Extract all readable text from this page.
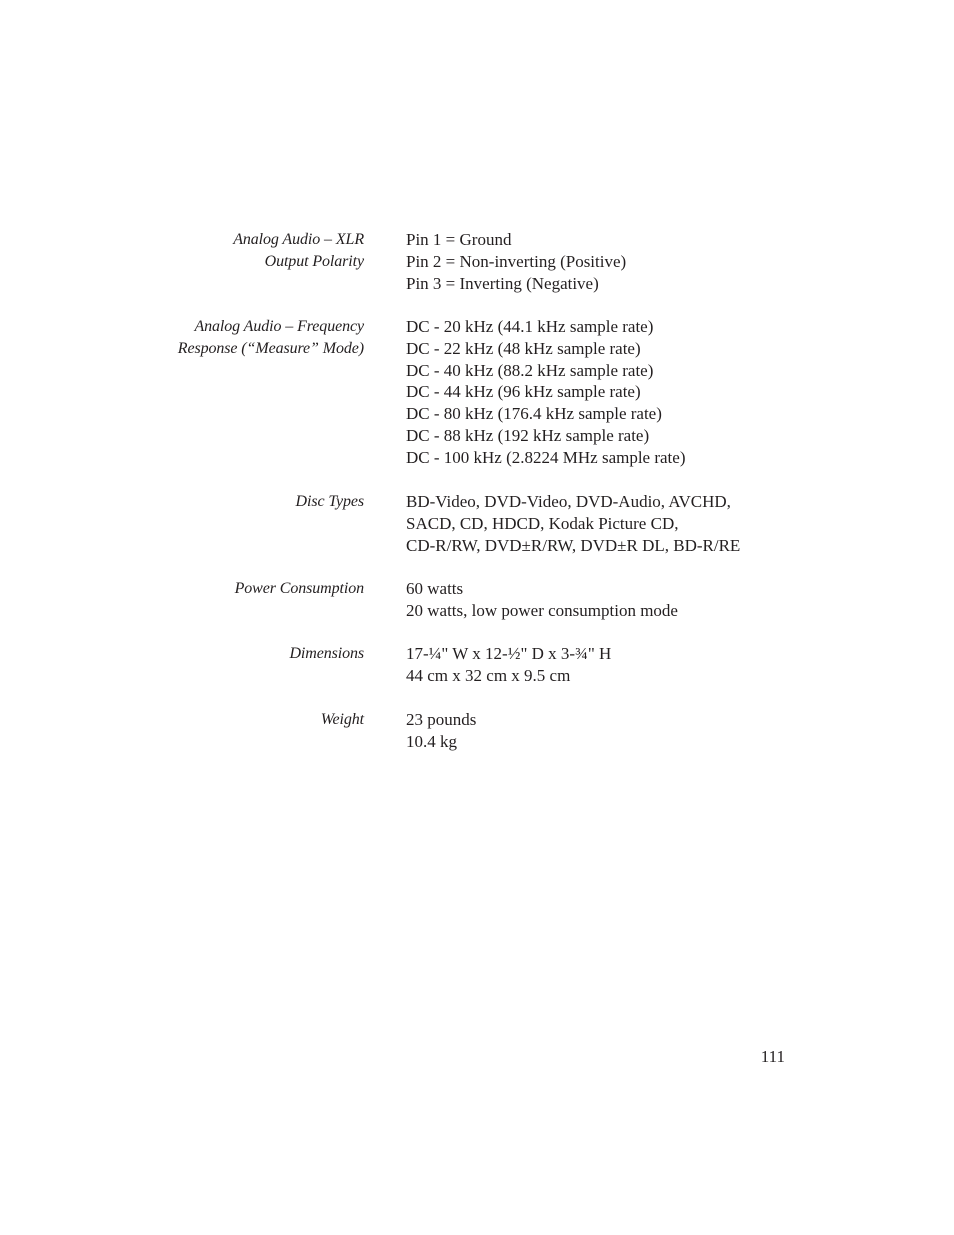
Analog Audio – XLR
Output Polarity
Pin 1 = Ground
Pin 2 = Non-inverting (Positive)
Pin 3 = Inverting (Negative)
Analog Audio – Frequency
Response (“Measure” Mode)
DC - 20 kHz (44.1 kHz sample rate)
DC - 22 kHz (48 kHz sample rate)
DC - 40 kHz (88.2 kHz sample rate)
DC - 44 kHz (96 kHz sample rate)
DC - 80 kHz (176.4 kHz sample rate)
DC - 88 kHz (192 kHz sample rate)
DC - 100 kHz (2.8224 MHz sample rate)
Disc Types BD-Video, DVD-Video, DVD-Audio, AVCHD,
SACD, CD, HDCD, Kodak Picture CD,
CD-R/RW, DVD±R/RW, DVD±R DL, BD-R/RE
Power Consumption 60 watts
20 watts, low power consumption mode
Dimensions 17-¼" W x 12-½" D x 3-¾" H
44 cm x 32 cm x 9.5 cm
Weight 23 pounds
10.4 kg
111
